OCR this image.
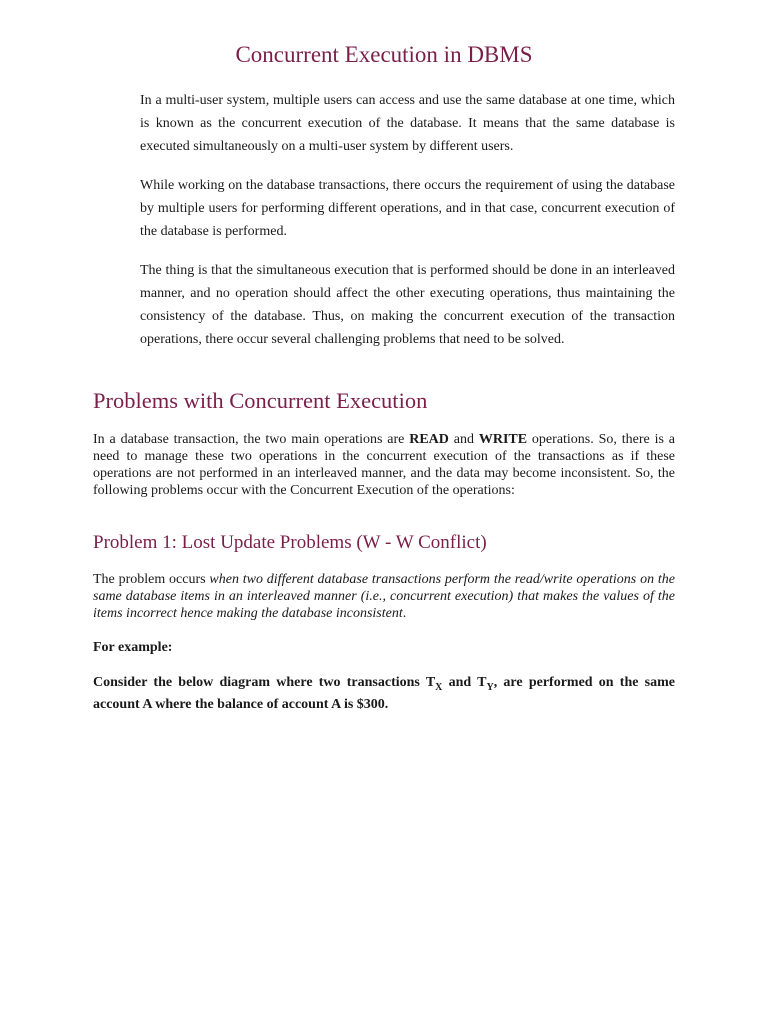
Concurrent Execution in DBMS

In a multi-user system, multiple users can access and use the same database at one time, which is known as the concurrent execution of the database. It means that the same database is executed simultaneously on a multi-user system by different users.

While working on the database transactions, there occurs the requirement of using the database by multiple users for performing different operations, and in that case, concurrent execution of the database is performed.

The thing is that the simultaneous execution that is performed should be done in an interleaved manner, and no operation should affect the other executing operations, thus maintaining the consistency of the database. Thus, on making the concurrent execution of the transaction operations, there occur several challenging problems that need to be solved.

Problems with Concurrent Execution

In a database transaction, the two main operations are READ and WRITE operations. So, there is a need to manage these two operations in the concurrent execution of the transactions as if these operations are not performed in an interleaved manner, and the data may become inconsistent. So, the following problems occur with the Concurrent Execution of the operations:

Problem 1: Lost Update Problems (W - W Conflict)

The problem occurs when two different database transactions perform the read/write operations on the same database items in an interleaved manner (i.e., concurrent execution) that makes the values of the items incorrect hence making the database inconsistent.

For example:

Consider the below diagram where two transactions $T_X$ and $T_Y$, are performed on the same account A where the balance of account A is $300.
